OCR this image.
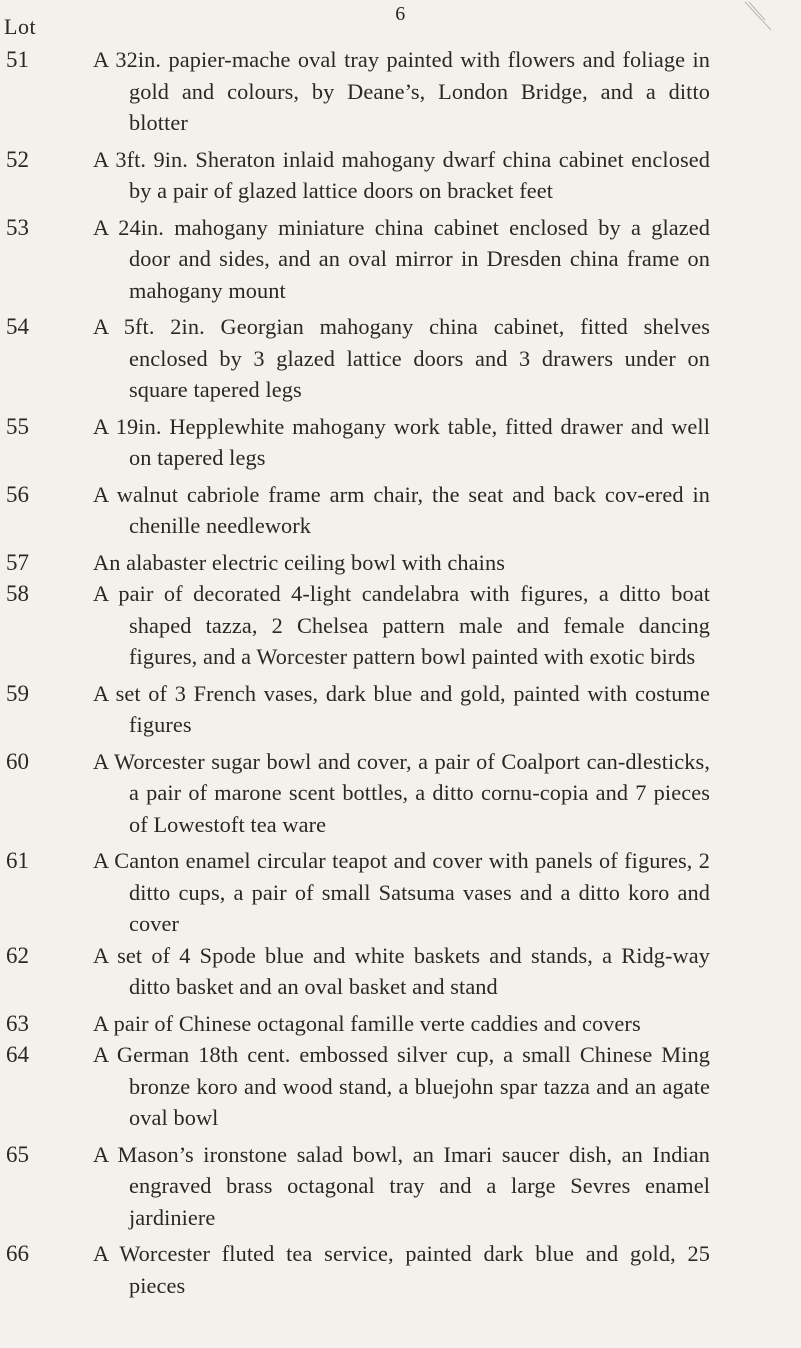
6
Lot
51	A 32in. papier-mache oval tray painted with flowers and foliage in gold and colours, by Deane’s, London Bridge, and a ditto blotter
52	A 3ft. 9in. Sheraton inlaid mahogany dwarf china cabinet enclosed by a pair of glazed lattice doors on bracket feet
53	A 24in. mahogany miniature china cabinet enclosed by a glazed door and sides, and an oval mirror in Dresden china frame on mahogany mount
54	A 5ft. 2in. Georgian mahogany china cabinet, fitted shelves enclosed by 3 glazed lattice doors and 3 drawers under on square tapered legs
55	A 19in. Hepplewhite mahogany work table, fitted drawer and well on tapered legs
56	A walnut cabriole frame arm chair, the seat and back cov-ered in chenille needlework
57	An alabaster electric ceiling bowl with chains
58	A pair of decorated 4-light candelabra with figures, a ditto boat shaped tazza, 2 Chelsea pattern male and female dancing figures, and a Worcester pattern bowl painted with exotic birds
59	A set of 3 French vases, dark blue and gold, painted with costume figures
60	A Worcester sugar bowl and cover, a pair of Coalport can-dlesticks, a pair of marone scent bottles, a ditto cornu-copia and 7 pieces of Lowestoft tea ware
61	A Canton enamel circular teapot and cover with panels of figures, 2 ditto cups, a pair of small Satsuma vases and a ditto koro and cover
62	A set of 4 Spode blue and white baskets and stands, a Ridg-way ditto basket and an oval basket and stand
63	A pair of Chinese octagonal famille verte caddies and covers
64	A German 18th cent. embossed silver cup, a small Chinese Ming bronze koro and wood stand, a bluejohn spar tazza and an agate oval bowl
65	A Mason’s ironstone salad bowl, an Imari saucer dish, an Indian engraved brass octagonal tray and a large Sevres enamel jardiniere
66	A Worcester fluted tea service, painted dark blue and gold, 25 pieces
